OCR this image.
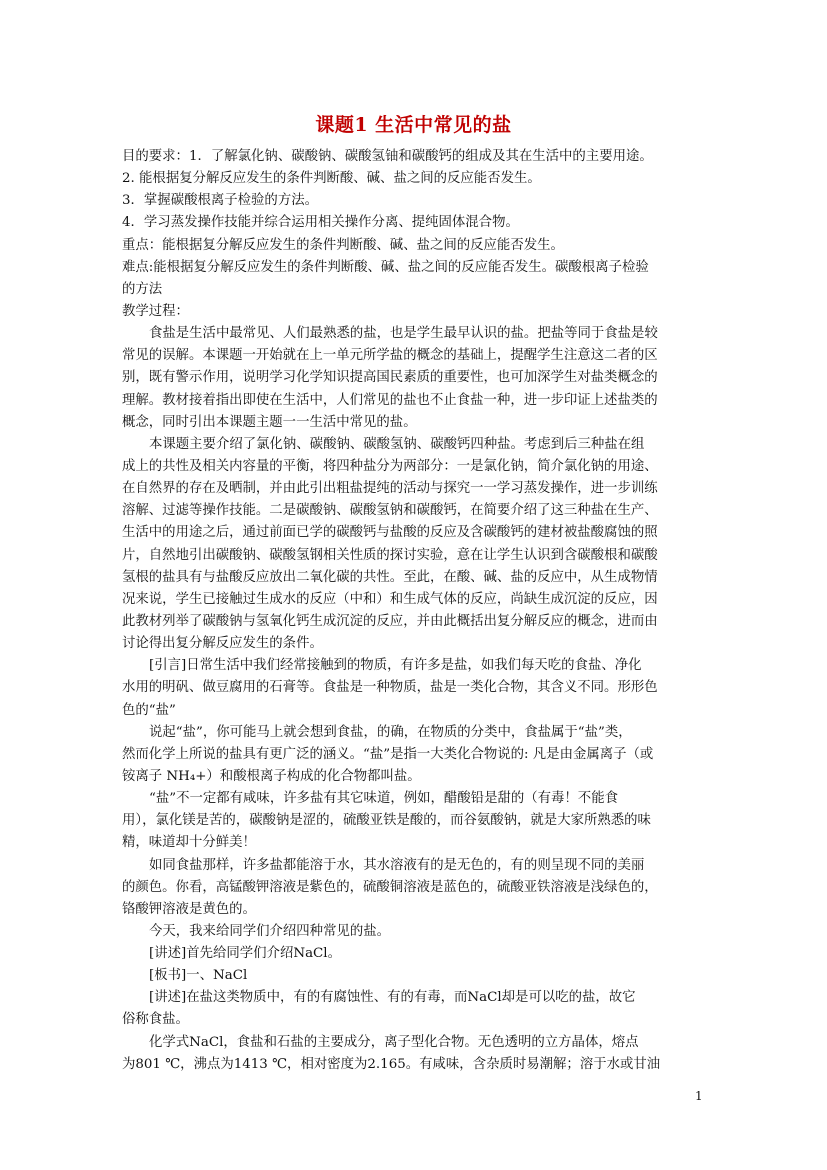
课题1 生活中常见的盐
目的要求：1．了解氯化钠、碳酸钠、碳酸氢铀和碳酸钙的组成及其在生活中的主要用途。
2. 能根据复分解反应发生的条件判断酸、碱、盐之间的反应能否发生。
3．掌握碳酸根离子检验的方法。
4．学习蒸发操作技能并综合运用相关操作分离、提纯固体混合物。
重点：能根据复分解反应发生的条件判断酸、碱、盐之间的反应能否发生。
难点:能根据复分解反应发生的条件判断酸、碱、盐之间的反应能否发生。碳酸根离子检验
的方法
教学过程：
食盐是生活中最常见、人们最熟悉的盐，也是学生最早认识的盐。把盐等同于食盐是较
常见的误解。本课题一开始就在上一单元所学盐的概念的基础上，提醒学生注意这二者的区
别，既有警示作用，说明学习化学知识提高国民素质的重要性，也可加深学生对盐类概念的
理解。教材接着指出即使在生活中，人们常见的盐也不止食盐一种，进一步印证上述盐类的
概念，同时引出本课题主题一一生活中常见的盐。
本课题主要介绍了氯化钠、碳酸钠、碳酸氢钠、碳酸钙四种盐。考虑到后三种盐在组
成上的共性及相关内容量的平衡，将四种盐分为两部分：一是氯化钠，简介氯化钠的用途、
在自然界的存在及晒制，并由此引出粗盐提纯的活动与探究一一学习蒸发操作，进一步训练
溶解、过滤等操作技能。二是碳酸钠、碳酸氢钠和碳酸钙，在简要介绍了这三种盐在生产、
生活中的用途之后，通过前面已学的碳酸钙与盐酸的反应及含碳酸钙的建材被盐酸腐蚀的照
片，自然地引出碳酸钠、碳酸氢钢相关性质的探讨实验，意在让学生认识到含碳酸根和碳酸
氢根的盐具有与盐酸反应放出二氧化碳的共性。至此，在酸、碱、盐的反应中，从生成物情
况来说，学生已接触过生成水的反应（中和）和生成气体的反应，尚缺生成沉淀的反应，因
此教材列举了碳酸钠与氢氧化钙生成沉淀的反应，并由此概括出复分解反应的概念，进而由
讨论得出复分解反应发生的条件。
[引言]日常生活中我们经常接触到的物质，有许多是盐，如我们每天吃的食盐、净化
水用的明矾、做豆腐用的石膏等。食盐是一种物质，盐是一类化合物，其含义不同。形形色
色的“盐”
说起“盐”，你可能马上就会想到食盐，的确，在物质的分类中，食盐属于“盐”类，
然而化学上所说的盐具有更广泛的涵义。“盐”是指一大类化合物说的: 凡是由金属离子（或
铵离子 NH₄+）和酸根离子构成的化合物都叫盐。
“盐”不一定都有咸味，许多盐有其它味道，例如，醋酸铅是甜的（有毒！不能食
用），氯化镁是苦的，碳酸钠是涩的，硫酸亚铁是酸的，而谷氨酸钠，就是大家所熟悉的味
精，味道却十分鲜美！
如同食盐那样，许多盐都能溶于水，其水溶液有的是无色的，有的则呈现不同的美丽
的颜色。你看，高锰酸钾溶液是紫色的，硫酸铜溶液是蓝色的，硫酸亚铁溶液是浅绿色的，
铬酸钾溶液是黄色的。
今天，我来给同学们介绍四种常见的盐。
[讲述]首先给同学们介绍NaCl。
[板书]一、NaCl
[讲述]在盐这类物质中，有的有腐蚀性、有的有毒，而NaCl却是可以吃的盐，故它
俗称食盐。
化学式NaCl，食盐和石盐的主要成分，离子型化合物。无色透明的立方晶体，熔点
为801 ℃，沸点为1413 ℃，相对密度为2.165。有咸味，含杂质时易潮解；溶于水或甘油
1
